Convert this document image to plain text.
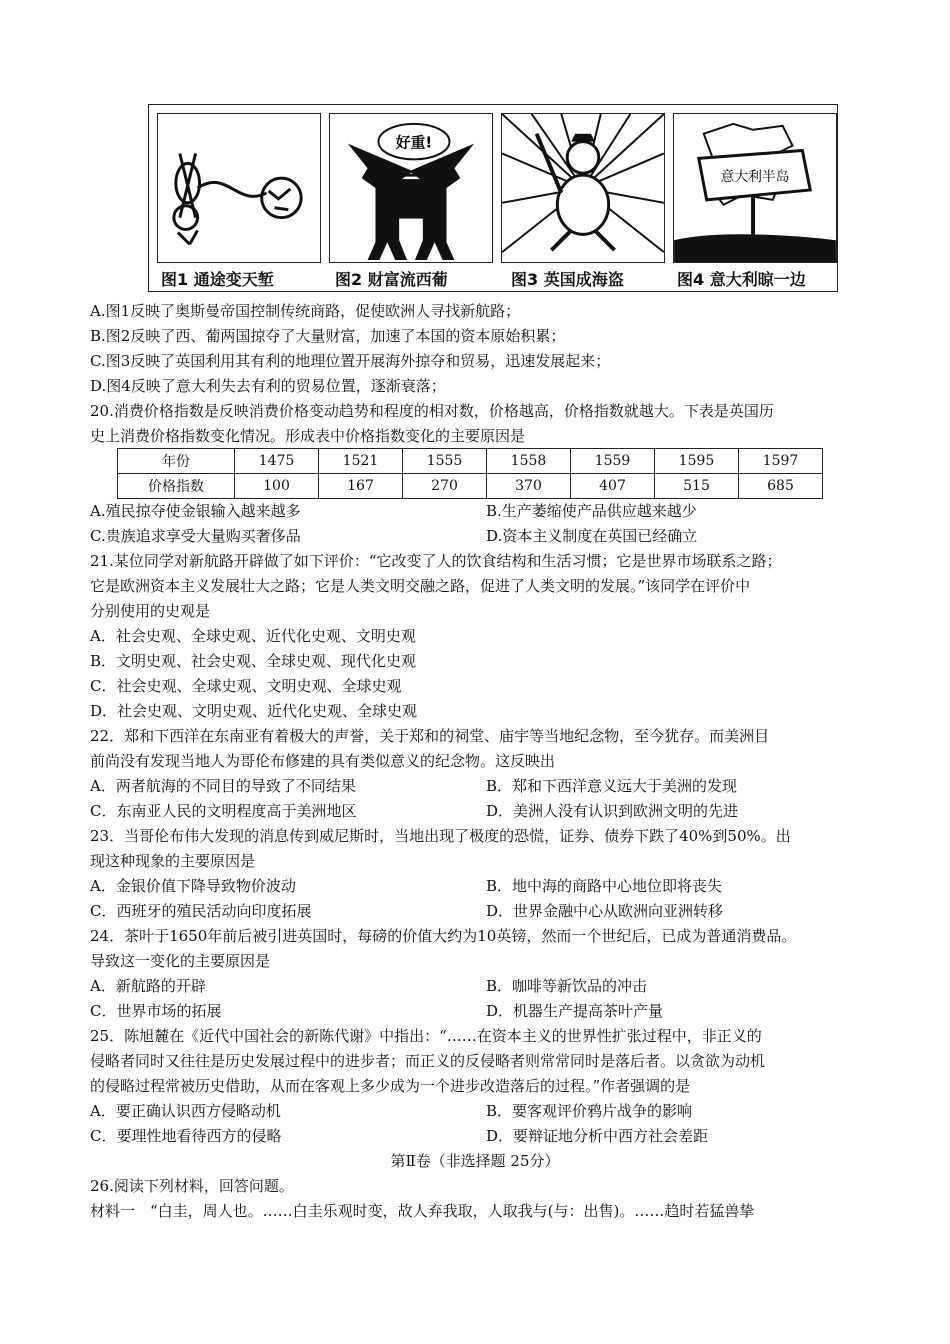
好重!
葡	西
意大利半岛
图1 通途变天堑	图2 财富流西葡	图3 英国成海盗	图4 意大利晾一边
A.图1反映了奥斯曼帝国控制传统商路，促使欧洲人寻找新航路；
B.图2反映了西、葡两国掠夺了大量财富，加速了本国的资本原始积累；
C.图3反映了英国利用其有利的地理位置开展海外掠夺和贸易，迅速发展起来；
D.图4反映了意大利失去有利的贸易位置，逐渐衰落；
20.消费价格指数是反映消费价格变动趋势和程度的相对数，价格越高，价格指数就越大。下表是英国历
史上消费价格指数变化情况。形成表中价格指数变化的主要原因是
年份	1475	1521	1555	1558	1559	1595	1597
价格指数	100	167	270	370	407	515	685
A.殖民掠夺使金银输入越来越多	B.生产萎缩使产品供应越来越少
C.贵族追求享受大量购买奢侈品	D.资本主义制度在英国已经确立
21.某位同学对新航路开辟做了如下评价：“它改变了人的饮食结构和生活习惯；它是世界市场联系之路；
它是欧洲资本主义发展壮大之路；它是人类文明交融之路，促进了人类文明的发展。”该同学在评价中
分别使用的史观是
A．社会史观、全球史观、近代化史观、文明史观
B．文明史观、社会史观、全球史观、现代化史观
C．社会史观、全球史观、文明史观、全球史观
D．社会史观、文明史观、近代化史观、全球史观
22．郑和下西洋在东南亚有着极大的声誉，关于郑和的祠堂、庙宇等当地纪念物，至今犹存。而美洲目
前尚没有发现当地人为哥伦布修建的具有类似意义的纪念物。这反映出
A．两者航海的不同目的导致了不同结果	B．郑和下西洋意义远大于美洲的发现
C．东南亚人民的文明程度高于美洲地区	D．美洲人没有认识到欧洲文明的先进
23．当哥伦布伟大发现的消息传到威尼斯时，当地出现了极度的恐慌，证券、债券下跌了40%到50%。出
现这种现象的主要原因是
A．金银价值下降导致物价波动	B．地中海的商路中心地位即将丧失
C．西班牙的殖民活动向印度拓展	D．世界金融中心从欧洲向亚洲转移
24．茶叶于1650年前后被引进英国时，每磅的价值大约为10英镑，然而一个世纪后，已成为普通消费品。
导致这一变化的主要原因是
A．新航路的开辟	B．咖啡等新饮品的冲击
C．世界市场的拓展	D．机器生产提高茶叶产量
25．陈旭麓在《近代中国社会的新陈代谢》中指出：“……在资本主义的世界性扩张过程中，非正义的
侵略者同时又往往是历史发展过程中的进步者；而正义的反侵略者则常常同时是落后者。以贪欲为动机
的侵略过程常被历史借助，从而在客观上多少成为一个进步改造落后的过程。”作者强调的是
A．要正确认识西方侵略动机	B．要客观评价鸦片战争的影响
C．要理性地看待西方的侵略	D．要辩证地分析中西方社会差距
第Ⅱ卷（非选择题 25分）
26.阅读下列材料，回答问题。
材料一　“白圭，周人也。……白圭乐观时变，故人弃我取，人取我与(与：出售)。……趋时若猛兽挚
